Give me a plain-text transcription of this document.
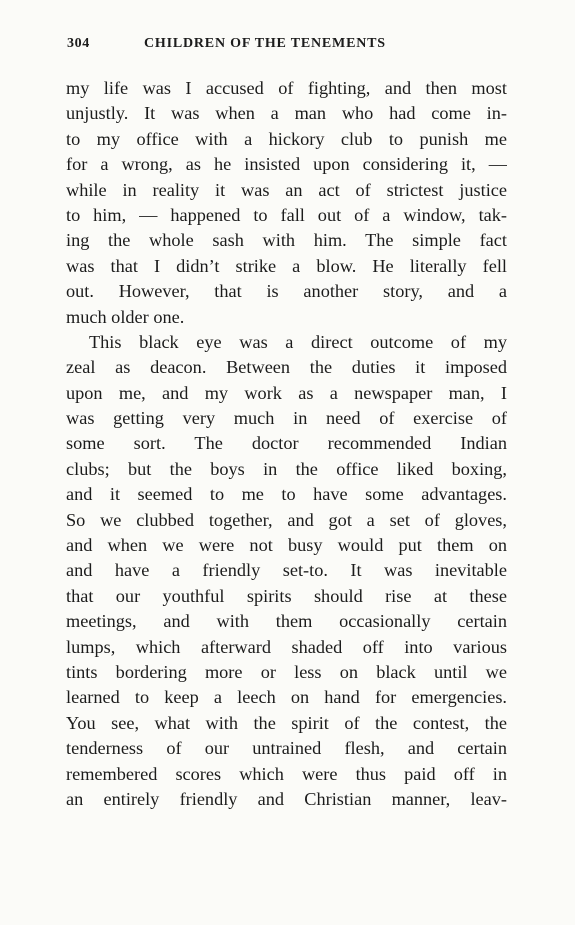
304	CHILDREN OF THE TENEMENTS
my life was I accused of fighting, and then most
unjustly. It was when a man who had come in-
to my office with a hickory club to punish me
for a wrong, as he insisted upon considering it, —
while in reality it was an act of strictest justice
to him, — happened to fall out of a window, tak-
ing the whole sash with him. The simple fact
was that I didn’t strike a blow. He literally fell
out. However, that is another story, and a
much older one.
This black eye was a direct outcome of my
zeal as deacon. Between the duties it imposed
upon me, and my work as a newspaper man, I
was getting very much in need of exercise of
some sort. The doctor recommended Indian
clubs; but the boys in the office liked boxing,
and it seemed to me to have some advantages.
So we clubbed together, and got a set of gloves,
and when we were not busy would put them on
and have a friendly set-to. It was inevitable
that our youthful spirits should rise at these
meetings, and with them occasionally certain
lumps, which afterward shaded off into various
tints bordering more or less on black until we
learned to keep a leech on hand for emergencies.
You see, what with the spirit of the contest, the
tenderness of our untrained flesh, and certain
remembered scores which were thus paid off in
an entirely friendly and Christian manner, leav-
